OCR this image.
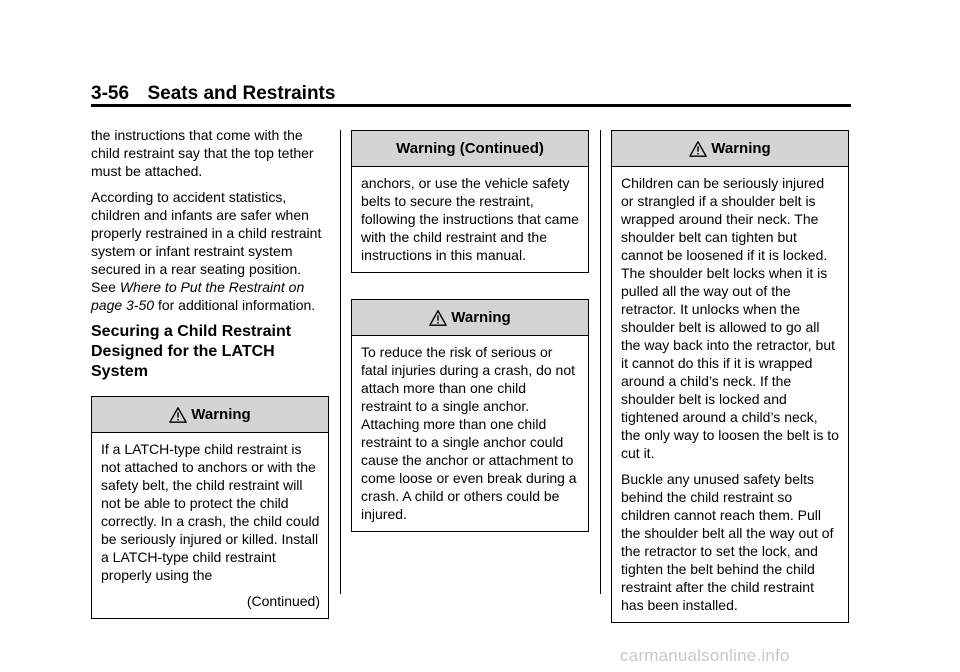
3-56 Seats and Restraints

the instructions that come with the child restraint say that the top tether must be attached.

According to accident statistics, children and infants are safer when properly restrained in a child restraint system or infant restraint system secured in a rear seating position. See Where to Put the Restraint on page 3-50 for additional information.

Securing a Child Restraint Designed for the LATCH System
Warning

If a LATCH-type child restraint is not attached to anchors or with the safety belt, the child restraint will not be able to protect the child correctly. In a crash, the child could be seriously injured or killed. Install a LATCH-type child restraint properly using the

(Continued)
Warning (Continued)

anchors, or use the vehicle safety belts to secure the restraint, following the instructions that came with the child restraint and the instructions in this manual.

Warning

To reduce the risk of serious or fatal injuries during a crash, do not attach more than one child restraint to a single anchor. Attaching more than one child restraint to a single anchor could cause the anchor or attachment to come loose or even break during a crash. A child or others could be injured.

Warning

Children can be seriously injured or strangled if a shoulder belt is wrapped around their neck. The shoulder belt can tighten but cannot be loosened if it is locked. The shoulder belt locks when it is pulled all the way out of the retractor. It unlocks when the shoulder belt is allowed to go all the way back into the retractor, but it cannot do this if it is wrapped around a child’s neck. If the shoulder belt is locked and tightened around a child’s neck, the only way to loosen the belt is to cut it.

Buckle any unused safety belts behind the child restraint so children cannot reach them. Pull the shoulder belt all the way out of the retractor to set the lock, and tighten the belt behind the child restraint after the child restraint has been installed.

carmanualsonline.info
